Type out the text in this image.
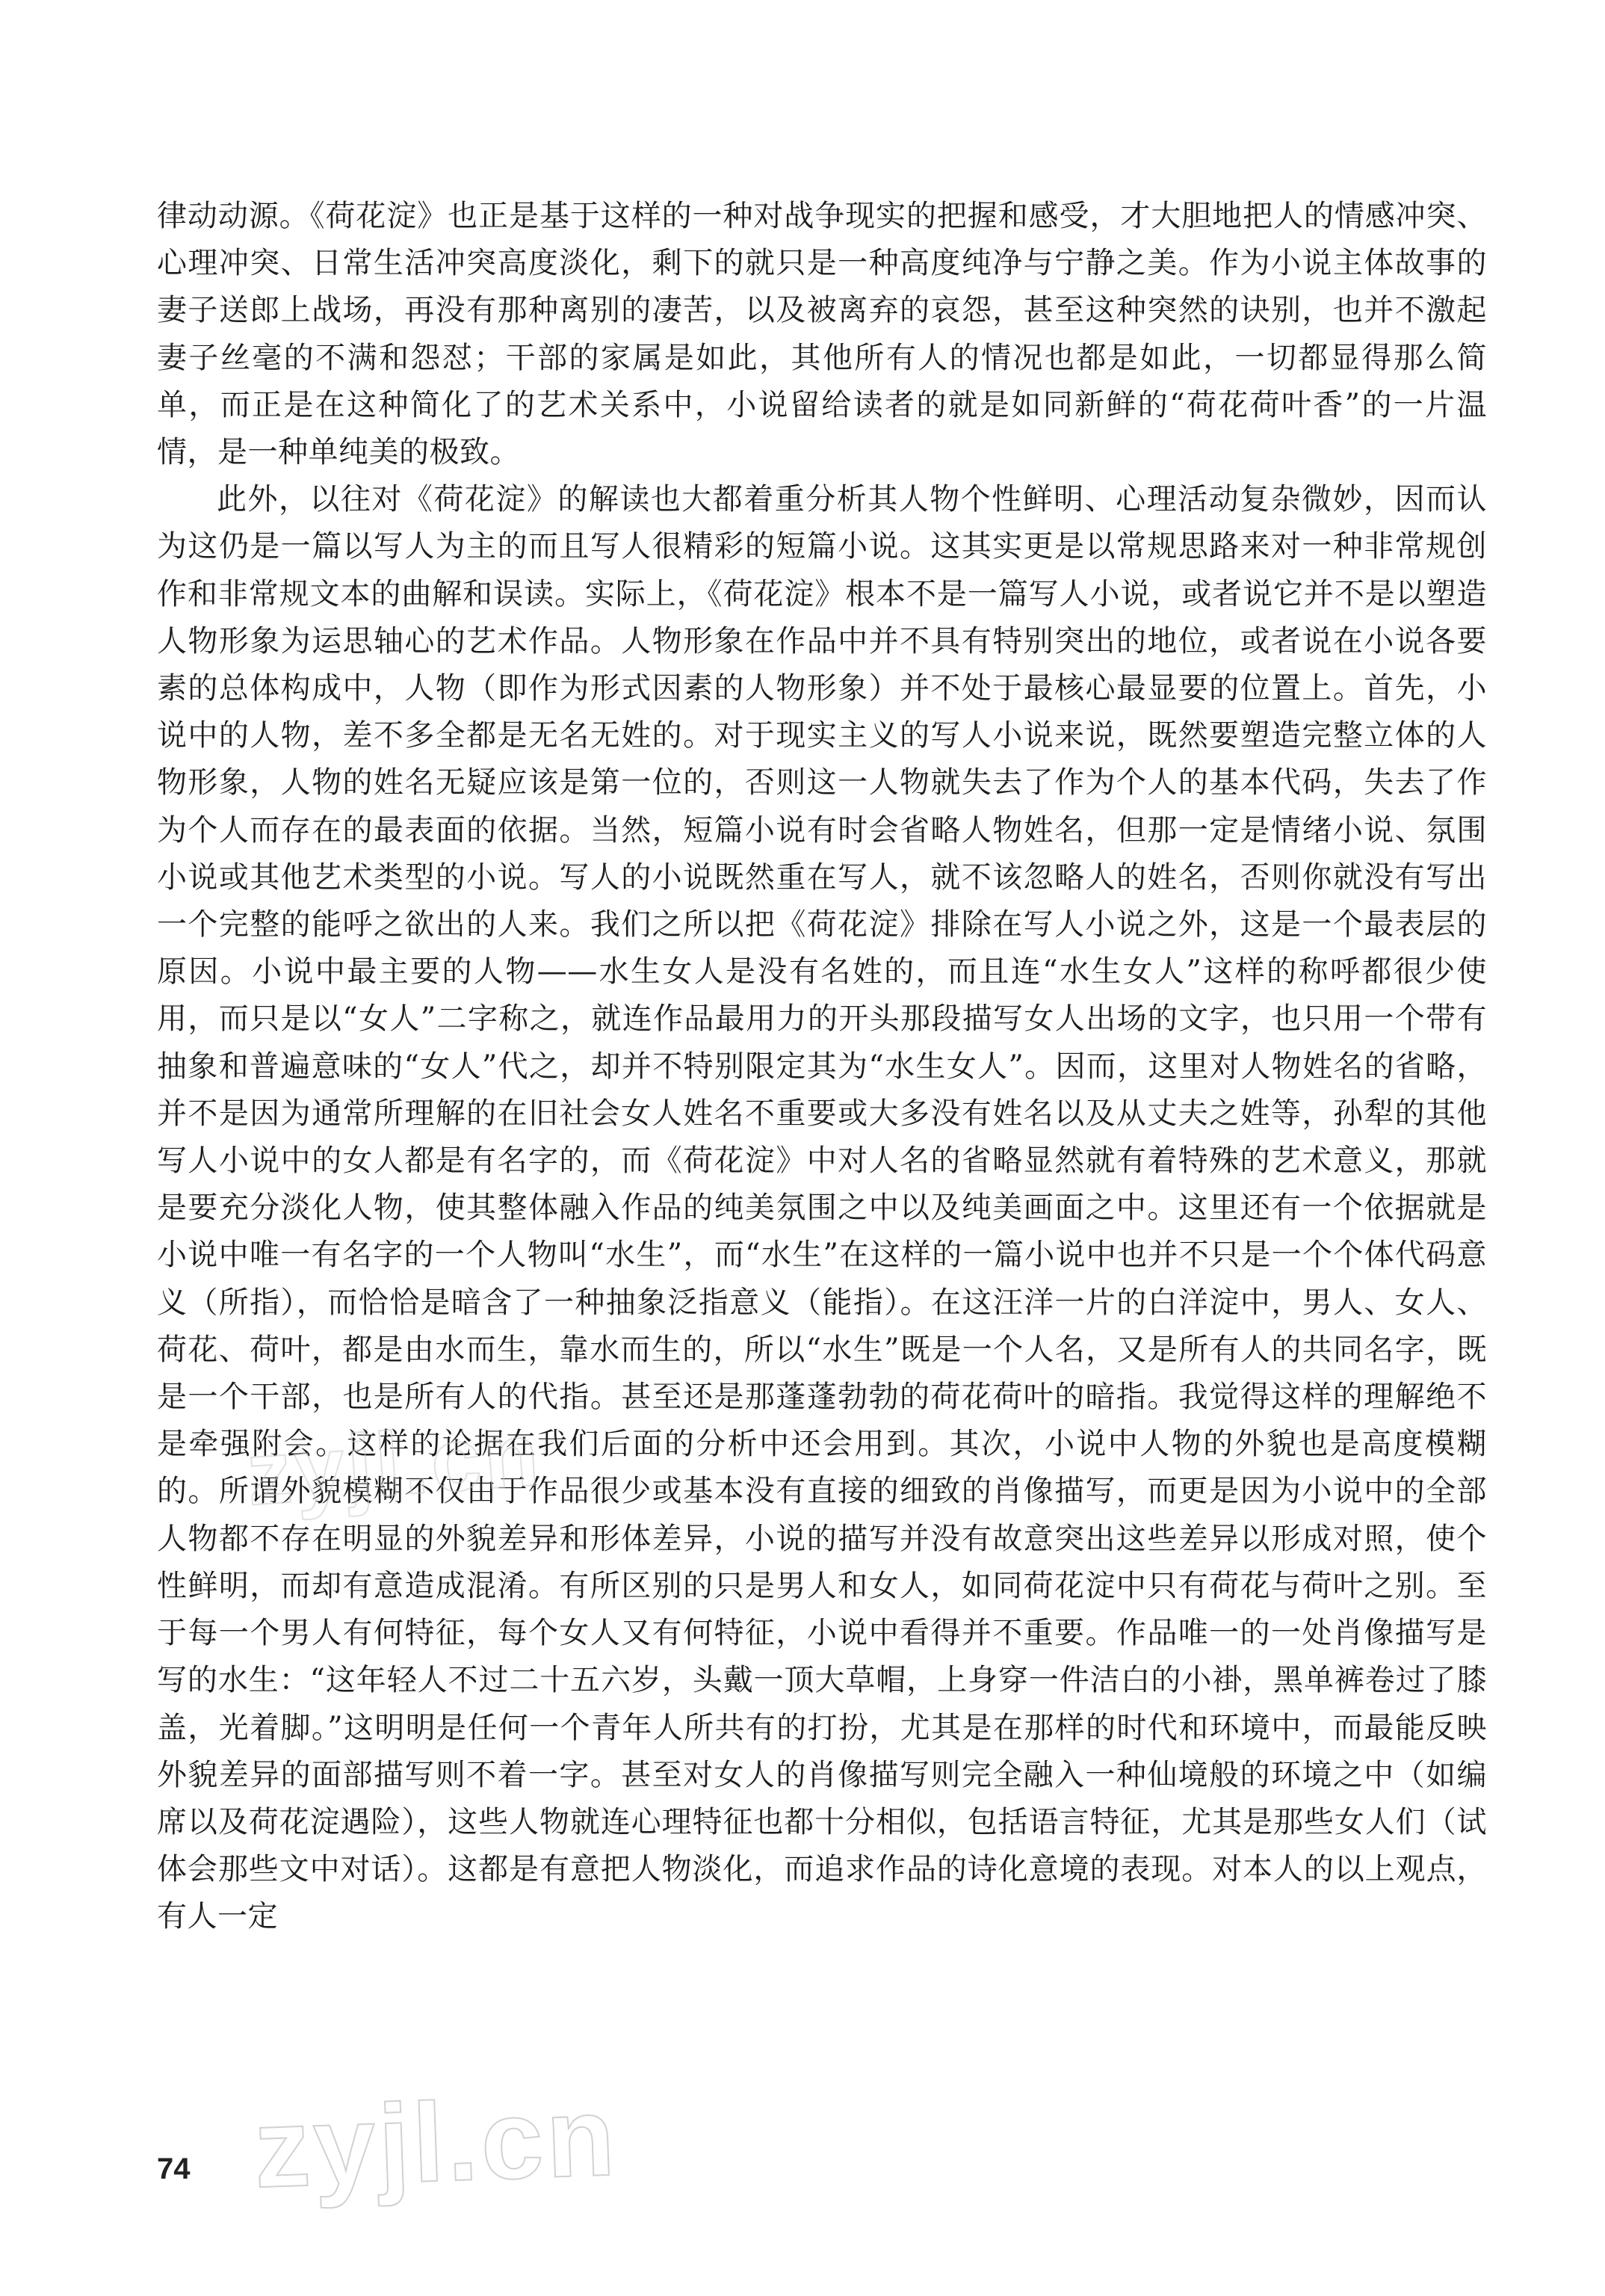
律动动源。《荷花淀》也正是基于这样的一种对战争现实的把握和感受，才大胆地把人的情感冲突、心理冲突、日常生活冲突高度淡化，剩下的就只是一种高度纯净与宁静之美。作为小说主体故事的妻子送郎上战场，再没有那种离别的凄苦，以及被离弃的哀怨，甚至这种突然的诀别，也并不激起妻子丝毫的不满和怨怼；干部的家属是如此，其他所有人的情况也都是如此，一切都显得那么简单，而正是在这种简化了的艺术关系中，小说留给读者的就是如同新鲜的“荷花荷叶香”的一片温情，是一种单纯美的极致。

此外，以往对《荷花淀》的解读也大都着重分析其人物个性鲜明、心理活动复杂微妙，因而认为这仍是一篇以写人为主的而且写人很精彩的短篇小说。这其实更是以常规思路来对一种非常规创作和非常规文本的曲解和误读。实际上，《荷花淀》根本不是一篇写人小说，或者说它并不是以塑造人物形象为运思轴心的艺术作品。人物形象在作品中并不具有特别突出的地位，或者说在小说各要素的总体构成中，人物（即作为形式因素的人物形象）并不处于最核心最显要的位置上。首先，小说中的人物，差不多全都是无名无姓的。对于现实主义的写人小说来说，既然要塑造完整立体的人物形象，人物的姓名无疑应该是第一位的，否则这一人物就失去了作为个人的基本代码，失去了作为个人而存在的最表面的依据。当然，短篇小说有时会省略人物姓名，但那一定是情绪小说、氛围小说或其他艺术类型的小说。写人的小说既然重在写人，就不该忽略人的姓名，否则你就没有写出一个完整的能呼之欲出的人来。我们之所以把《荷花淀》排除在写人小说之外，这是一个最表层的原因。小说中最主要的人物——水生女人是没有名姓的，而且连“水生女人”这样的称呼都很少使用，而只是以“女人”二字称之，就连作品最用力的开头那段描写女人出场的文字，也只用一个带有抽象和普遍意味的“女人”代之，却并不特别限定其为“水生女人”。因而，这里对人物姓名的省略，并不是因为通常所理解的在旧社会女人姓名不重要或大多没有姓名以及从丈夫之姓等，孙犁的其他写人小说中的女人都是有名字的，而《荷花淀》中对人名的省略显然就有着特殊的艺术意义，那就是要充分淡化人物，使其整体融入作品的纯美氛围之中以及纯美画面之中。这里还有一个依据就是小说中唯一有名字的一个人物叫“水生”，而“水生”在这样的一篇小说中也并不只是一个个体代码意义（所指），而恰恰是暗含了一种抽象泛指意义（能指）。在这汪洋一片的白洋淀中，男人、女人、荷花、荷叶，都是由水而生，靠水而生的，所以“水生”既是一个人名，又是所有人的共同名字，既是一个干部，也是所有人的代指。甚至还是那蓬蓬勃勃的荷花荷叶的暗指。我觉得这样的理解绝不是牵强附会。这样的论据在我们后面的分析中还会用到。其次，小说中人物的外貌也是高度模糊的。所谓外貌模糊不仅由于作品很少或基本没有直接的细致的肖像描写，而更是因为小说中的全部人物都不存在明显的外貌差异和形体差异，小说的描写并没有故意突出这些差异以形成对照，使个性鲜明，而却有意造成混淆。有所区别的只是男人和女人，如同荷花淀中只有荷花与荷叶之别。至于每一个男人有何特征，每个女人又有何特征，小说中看得并不重要。作品唯一的一处肖像描写是写的水生：“这年轻人不过二十五六岁，头戴一顶大草帽，上身穿一件洁白的小褂，黑单裤卷过了膝盖，光着脚。”这明明是任何一个青年人所共有的打扮，尤其是在那样的时代和环境中，而最能反映外貌差异的面部描写则不着一字。甚至对女人的肖像描写则完全融入一种仙境般的环境之中（如编席以及荷花淀遇险），这些人物就连心理特征也都十分相似，包括语言特征，尤其是那些女人们（试体会那些文中对话）。这都是有意把人物淡化，而追求作品的诗化意境的表现。对本人的以上观点，有人一定

zyjl.cn
zyjl.cn
74
